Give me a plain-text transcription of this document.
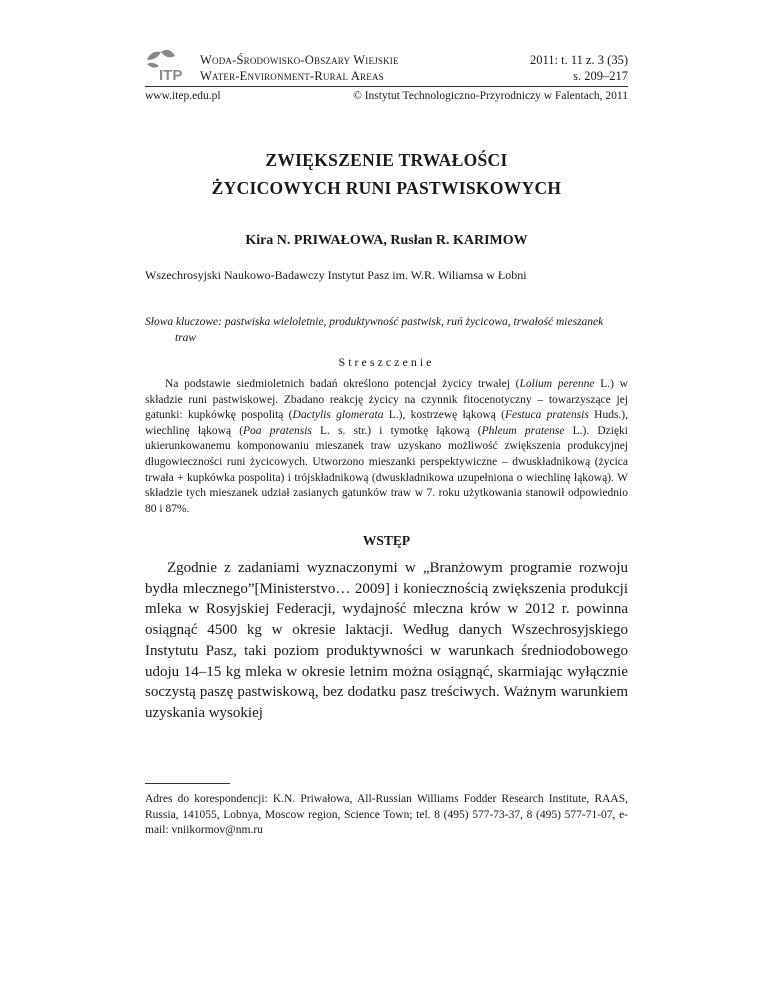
ITP
Woda-Środowisko-Obszary Wiejskie
Water-Environment-Rural Areas
2011: t. 11 z. 3 (35)
s. 209–217
www.itep.edu.pl	© Instytut Technologiczno-Przyrodniczy w Falentach, 2011
ZWIĘKSZENIE TRWAŁOŚCI
ŻYCICOWYCH RUNI PASTWISKOWYCH
Kira N. PRIWAŁOWA, Rusłan R. KARIMOW
Wszechrosyjski Naukowo-Badawczy Instytut Pasz im. W.R. Wiliamsa w Łobni
Słowa kluczowe: pastwiska wieloletnie, produktywność pastwisk, ruń życicowa, trwałość mieszanek
traw
Streszczenie

Na podstawie siedmioletnich badań określono potencjał życicy trwałej (Lolium perenne L.) w składzie runi pastwiskowej. Zbadano reakcję życicy na czynnik fitocenotyczny – towarzyszące jej gatunki: kupkówkę pospolitą (Dactylis glomerata L.), kostrzewę łąkową (Festuca pratensis Huds.), wiechlinę łąkową (Poa pratensis L. s. str.) i tymotkę łąkową (Phleum pratense L.). Dzięki ukierunkowanemu komponowaniu mieszanek traw uzyskano możliwość zwiększenia produkcyjnej długowieczności runi życicowych. Utworzono mieszanki perspektywiczne – dwuskładnikową (życica trwała + kupkówka pospolita) i trójskładnikową (dwuskładnikowa uzupełniona o wiechlinę łąkową). W składzie tych mieszanek udział zasianych gatunków traw w 7. roku użytkowania stanowił odpowiednio 80 i 87%.

WSTĘP

Zgodnie z zadaniami wyznaczonymi w „Branżowym programie rozwoju bydła mlecznego”[Ministerstvo… 2009] i koniecznością zwiększenia produkcji mleka w Rosyjskiej Federacji, wydajność mleczna krów w 2012 r. powinna osiągnąć 4500 kg w okresie laktacji. Według danych Wszechrosyjskiego Instytutu Pasz, taki poziom produktywności w warunkach średniodobowego udoju 14–15 kg mleka w okresie letnim można osiągnąć, skarmiając wyłącznie soczystą paszę pastwiskową, bez dodatku pasz treściwych. Ważnym warunkiem uzyskania wysokiej

Adres do korespondencji: K.N. Priwałowa, All-Russian Williams Fodder Research Institute, RAAS, Russia, 141055, Lobnya, Moscow region, Science Town; tel. 8 (495) 577-73-37, 8 (495) 577-71-07, e-mail: vniikormov@nm.ru
